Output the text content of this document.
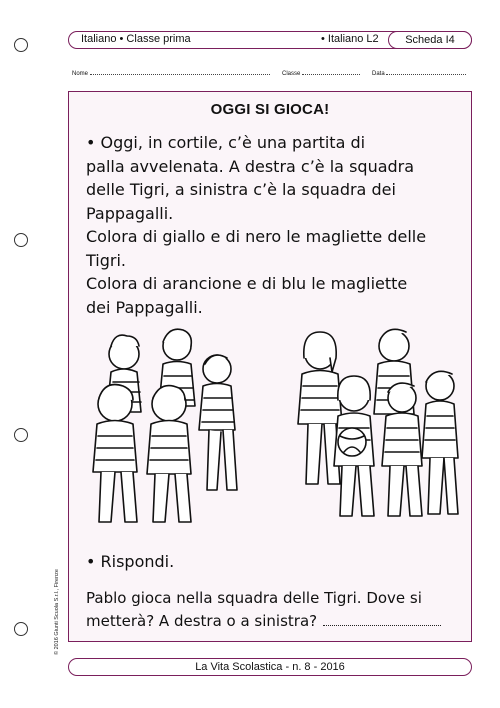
Italiano • Classe prima	• Italiano L2	Scheda I4
Nome	Classe	Data
OGGI SI GIOCA!
• Oggi, in cortile, c’è una partita di
palla avvelenata. A destra c’è la squadra
delle Tigri, a sinistra c’è la squadra dei
Pappagalli.
Colora di giallo e di nero le magliette delle
Tigri.
Colora di arancione e di blu le magliette
dei Pappagalli.
• Rispondi.
Pablo gioca nella squadra delle Tigri. Dove si
metterà? A destra o a sinistra?
© 2016 Giunti Scuola S.r.l., Firenze
La Vita Scolastica - n. 8 - 2016
